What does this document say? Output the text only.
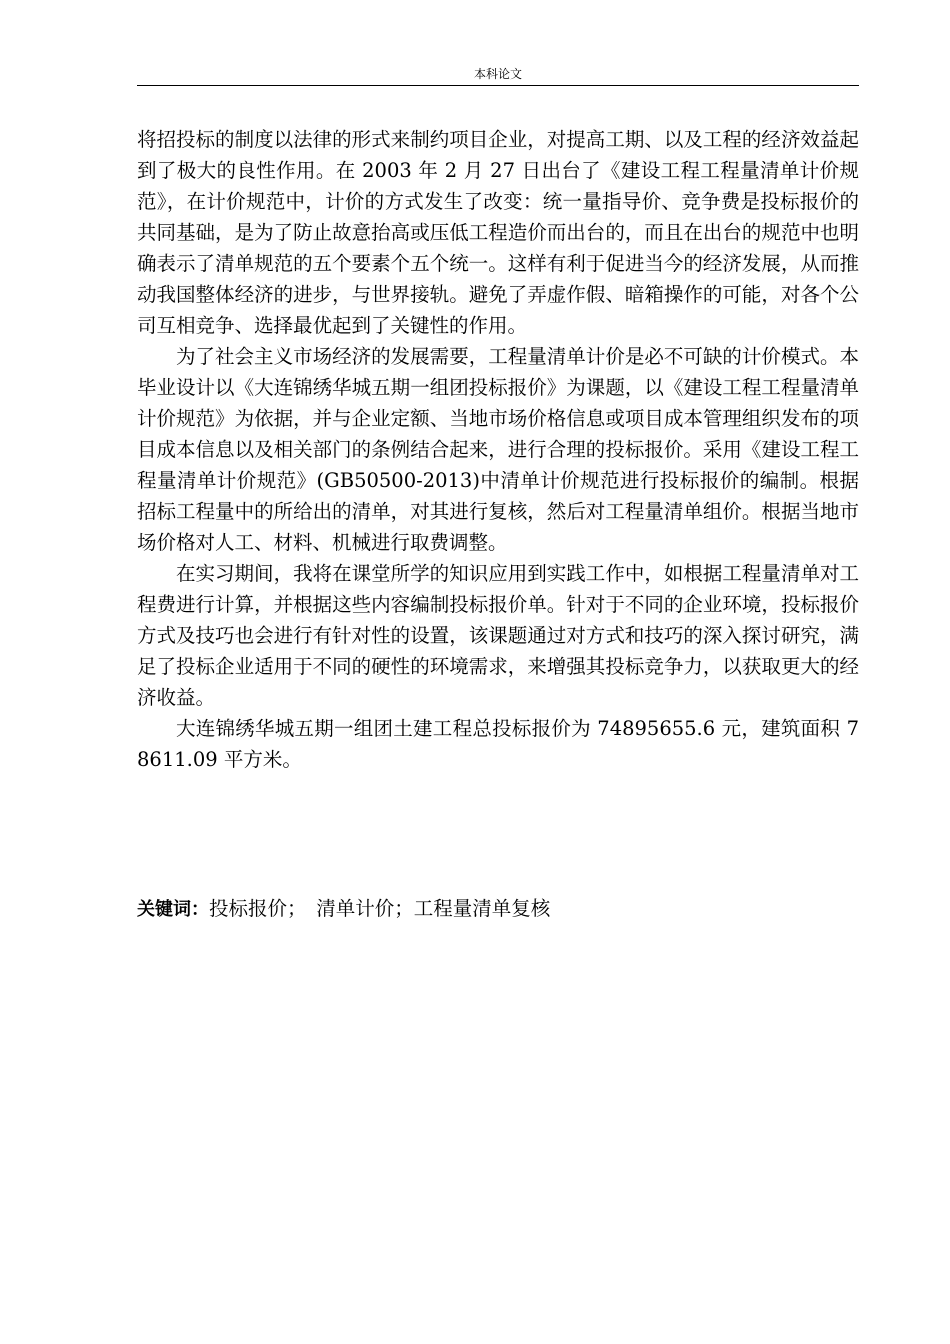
本科论文

将招投标的制度以法律的形式来制约项目企业，对提高工期、以及工程的经济效益起到了极大的良性作用。在 2003 年 2 月 27 日出台了《建设工程工程量清单计价规范》，在计价规范中，计价的方式发生了改变：统一量指导价、竞争费是投标报价的共同基础，是为了防止故意抬高或压低工程造价而出台的，而且在出台的规范中也明确表示了清单规范的五个要素个五个统一。这样有利于促进当今的经济发展，从而推动我国整体经济的进步，与世界接轨。避免了弄虚作假、暗箱操作的可能，对各个公司互相竞争、选择最优起到了关键性的作用。

为了社会主义市场经济的发展需要，工程量清单计价是必不可缺的计价模式。本毕业设计以《大连锦绣华城五期一组团投标报价》为课题，以《建设工程工程量清单计价规范》为依据，并与企业定额、当地市场价格信息或项目成本管理组织发布的项目成本信息以及相关部门的条例结合起来，进行合理的投标报价。采用《建设工程工程量清单计价规范》(GB50500-2013)中清单计价规范进行投标报价的编制。根据招标工程量中的所给出的清单，对其进行复核，然后对工程量清单组价。根据当地市场价格对人工、材料、机械进行取费调整。

在实习期间，我将在课堂所学的知识应用到实践工作中，如根据工程量清单对工程费进行计算，并根据这些内容编制投标报价单。针对于不同的企业环境，投标报价方式及技巧也会进行有针对性的设置，该课题通过对方式和技巧的深入探讨研究，满足了投标企业适用于不同的硬性的环境需求，来增强其投标竞争力，以获取更大的经济收益。

大连锦绣华城五期一组团土建工程总投标报价为 74895655.6 元，建筑面积 78611.09 平方米。

关键词：投标报价；　清单计价；工程量清单复核
